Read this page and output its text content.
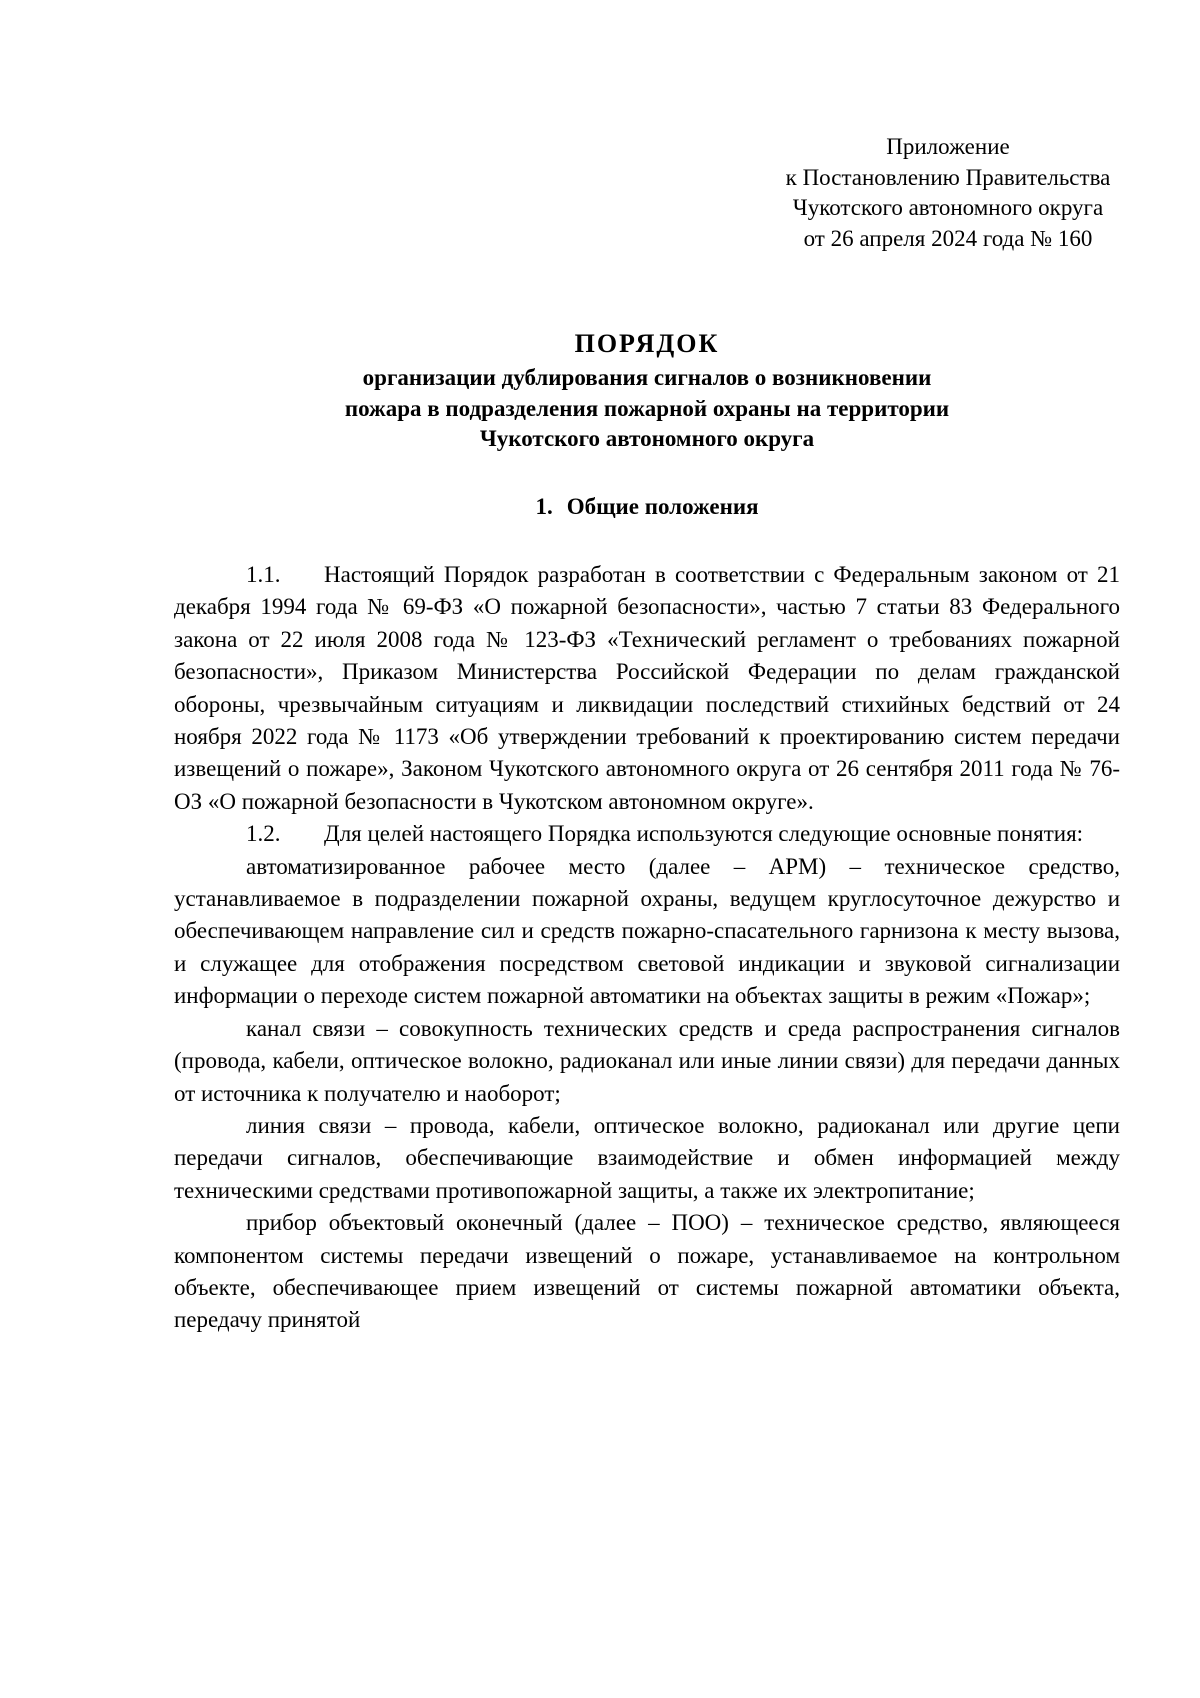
Приложение
к Постановлению Правительства
Чукотского автономного округа
от 26 апреля 2024 года № 160
ПОРЯДОК
организации дублирования сигналов о возникновении
пожара в подразделения пожарной охраны на территории
Чукотского автономного округа
1. Общие положения

1.1. Настоящий Порядок разработан в соответствии с Федеральным законом от 21 декабря 1994 года № 69-ФЗ «О пожарной безопасности», частью 7 статьи 83 Федерального закона от 22 июля 2008 года № 123-ФЗ «Технический регламент о требованиях пожарной безопасности», Приказом Министерства Российской Федерации по делам гражданской обороны, чрезвычайным ситуациям и ликвидации последствий стихийных бедствий от 24 ноября 2022 года № 1173 «Об утверждении требований к проектированию систем передачи извещений о пожаре», Законом Чукотского автономного округа от 26 сентября 2011 года № 76-ОЗ «О пожарной безопасности в Чукотском автономном округе».

1.2. Для целей настоящего Порядка используются следующие основные понятия:

автоматизированное рабочее место (далее – АРМ) – техническое средство, устанавливаемое в подразделении пожарной охраны, ведущем круглосуточное дежурство и обеспечивающем направление сил и средств пожарно-спасательного гарнизона к месту вызова, и служащее для отображения посредством световой индикации и звуковой сигнализации информации о переходе систем пожарной автоматики на объектах защиты в режим «Пожар»;

канал связи – совокупность технических средств и среда распространения сигналов (провода, кабели, оптическое волокно, радиоканал или иные линии связи) для передачи данных от источника к получателю и наоборот;

линия связи – провода, кабели, оптическое волокно, радиоканал или другие цепи передачи сигналов, обеспечивающие взаимодействие и обмен информацией между техническими средствами противопожарной защиты, а также их электропитание;

прибор объектовый оконечный (далее – ПОО) – техническое средство, являющееся компонентом системы передачи извещений о пожаре, устанавливаемое на контрольном объекте, обеспечивающее прием извещений от системы пожарной автоматики объекта, передачу принятой
